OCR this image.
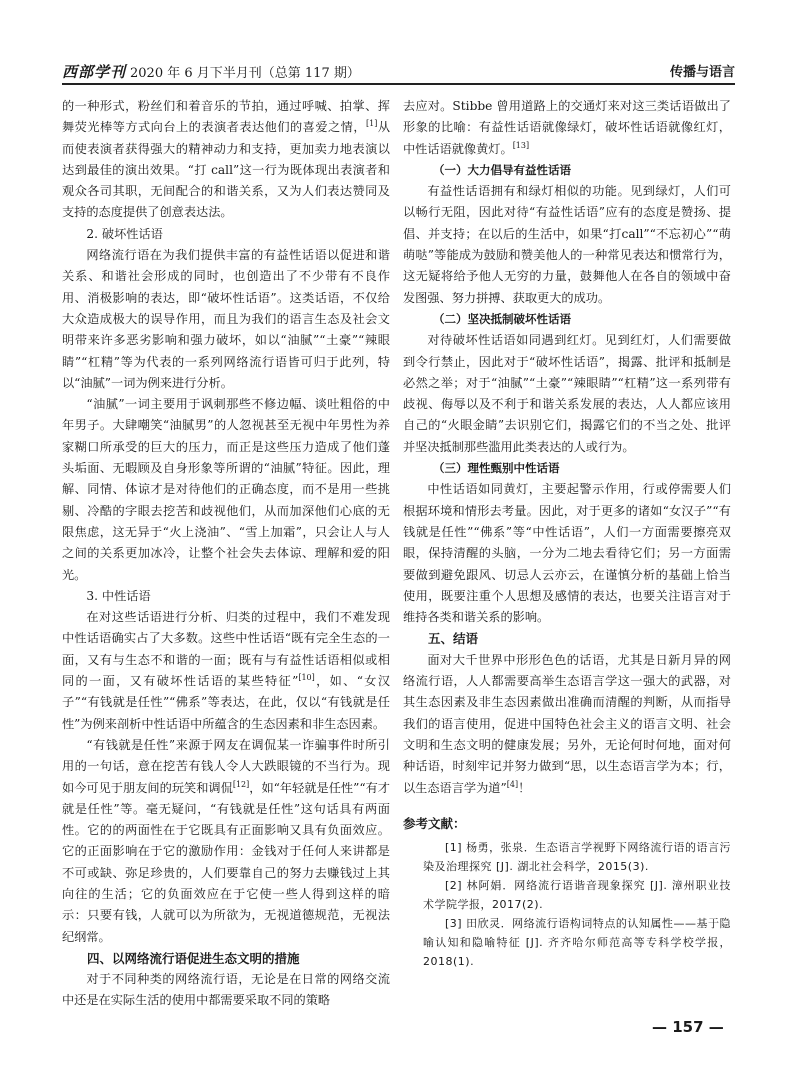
西部学刊 2020 年 6 月下半月刊（总第 117 期）	传播与语言

的一种形式，粉丝们和着音乐的节拍，通过呼喊、拍掌、挥舞荧光棒等方式向台上的表演者表达他们的喜爱之情，[1]从而使表演者获得强大的精神动力和支持，更加卖力地表演以达到最佳的演出效果。“打 call”这一行为既体现出表演者和观众各司其职，无间配合的和谐关系，又为人们表达赞同及支持的态度提供了创意表达法。

2. 破坏性话语

网络流行语在为我们提供丰富的有益性话语以促进和谐关系、和谐社会形成的同时，也创造出了不少带有不良作用、消极影响的表达，即“破坏性话语”。这类话语，不仅给大众造成极大的误导作用，而且为我们的语言生态及社会文明带来许多恶劣影响和强力破坏，如以“油腻”“土豪”“辣眼睛”“杠精”等为代表的一系列网络流行语皆可归于此列，特以“油腻”一词为例来进行分析。

“油腻”一词主要用于讽刺那些不修边幅、谈吐粗俗的中年男子。大肆嘲笑“油腻男”的人忽视甚至无视中年男性为养家糊口所承受的巨大的压力，而正是这些压力造成了他们蓬头垢面、无暇顾及自身形象等所谓的“油腻”特征。因此，理解、同情、体谅才是对待他们的正确态度，而不是用一些挑剔、冷酷的字眼去挖苦和歧视他们，从而加深他们心底的无限焦虑，这无异于“火上浇油”、“雪上加霜”，只会让人与人之间的关系更加冰冷，让整个社会失去体谅、理解和爱的阳光。

3. 中性话语

在对这些话语进行分析、归类的过程中，我们不难发现中性话语确实占了大多数。这些中性话语“既有完全生态的一面，又有与生态不和谐的一面；既有与有益性话语相似或相同的一面，又有破坏性话语的某些特征”[10]，如、“女汉子”“有钱就是任性”“佛系”等表达，在此，仅以“有钱就是任性”为例来剖析中性话语中所蕴含的生态因素和非生态因素。

“有钱就是任性”来源于网友在调侃某一诈骗事件时所引用的一句话，意在挖苦有钱人令人大跌眼镜的不当行为。现如今可见于朋友间的玩笑和调侃[12]，如“年轻就是任性”“有才就是任性”等。毫无疑问，“有钱就是任性”这句话具有两面性。它的的两面性在于它既具有正面影响又具有负面效应。它的正面影响在于它的激励作用：金钱对于任何人来讲都是不可或缺、弥足珍贵的，人们要靠自己的努力去赚钱过上其向往的生活；它的负面效应在于它使一些人得到这样的暗示：只要有钱，人就可以为所欲为，无视道德规范，无视法纪纲常。

四、以网络流行语促进生态文明的措施

对于不同种类的网络流行语，无论是在日常的网络交流中还是在实际生活的使用中都需要采取不同的策略

去应对。Stibbe 曾用道路上的交通灯来对这三类话语做出了形象的比喻：有益性话语就像绿灯，破坏性话语就像红灯，中性话语就像黄灯。[13]

（一）大力倡导有益性话语

有益性话语拥有和绿灯相似的功能。见到绿灯，人们可以畅行无阻，因此对待“有益性话语”应有的态度是赞扬、提倡、并支持；在以后的生活中，如果“打call”“不忘初心”“萌萌哒”等能成为鼓励和赞美他人的一种常见表达和惯常行为，这无疑将给予他人无穷的力量，鼓舞他人在各自的领域中奋发图强、努力拼搏、获取更大的成功。

（二）坚决抵制破坏性话语

对待破坏性话语如同遇到红灯。见到红灯，人们需要做到令行禁止，因此对于“破坏性话语”，揭露、批评和抵制是必然之举；对于“油腻”“土豪”“辣眼睛”“杠精”这一系列带有歧视、侮辱以及不利于和谐关系发展的表达，人人都应该用自己的“火眼金睛”去识别它们，揭露它们的不当之处、批评并坚决抵制那些滥用此类表达的人或行为。

（三）理性甄别中性话语

中性话语如同黄灯，主要起警示作用，行或停需要人们根据环境和情形去考量。因此，对于更多的诸如“女汉子”“有钱就是任性”“佛系”等“中性话语”，人们一方面需要擦亮双眼，保持清醒的头脑，一分为二地去看待它们；另一方面需要做到避免跟风、切忌人云亦云，在谨慎分析的基础上恰当使用，既要注重个人思想及感情的表达，也要关注语言对于维持各类和谐关系的影响。

五、结语

面对大千世界中形形色色的话语，尤其是日新月异的网络流行语，人人都需要高举生态语言学这一强大的武器，对其生态因素及非生态因素做出准确而清醒的判断，从而指导我们的语言使用，促进中国特色社会主义的语言文明、社会文明和生态文明的健康发展；另外，无论何时何地，面对何种话语，时刻牢记并努力做到“思，以生态语言学为本；行，以生态语言学为道”[4]！

参考文献：

[1] 杨勇，张泉．生态语言学视野下网络流行语的语言污染及治理探究 [J]. 湖北社会科学，2015(3).

[2] 林阿娟．网络流行语谐音现象探究 [J]. 漳州职业技术学院学报，2017(2).

[3] 田欣灵．网络流行语构词特点的认知属性——基于隐喻认知和隐喻特征 [J]. 齐齐哈尔师范高等专科学校学报，2018(1).

— 157 —
